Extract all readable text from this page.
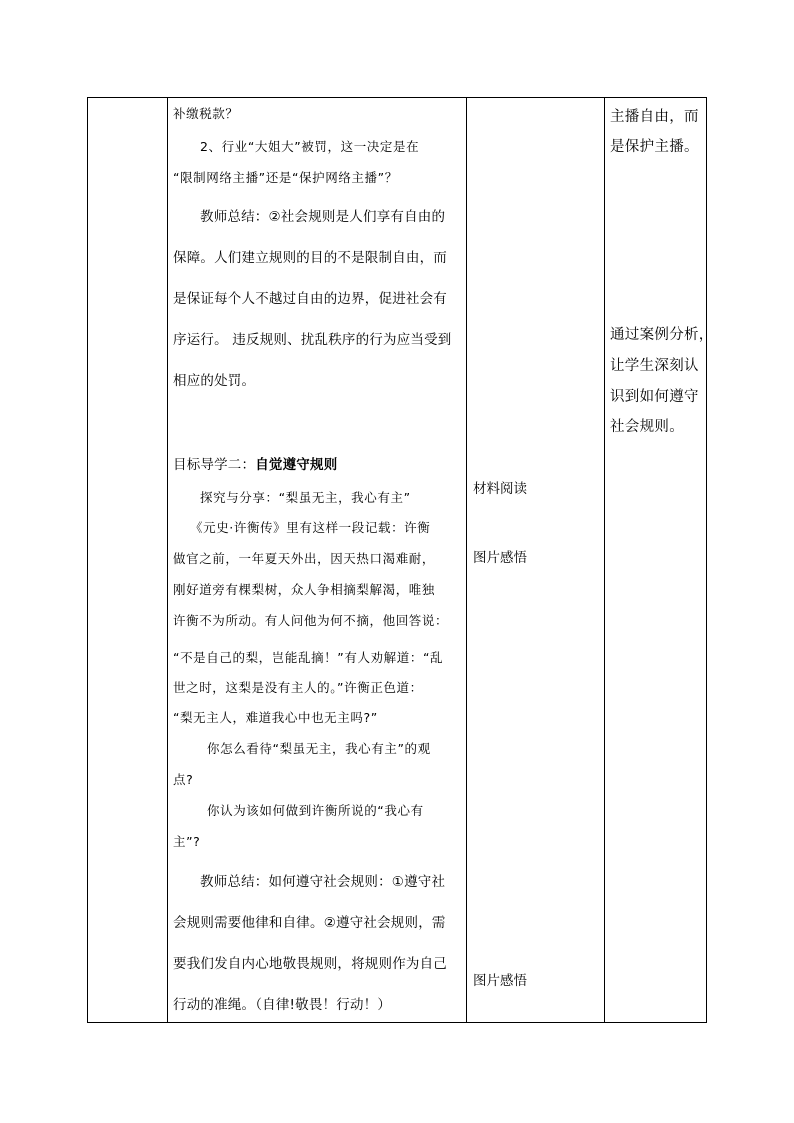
补缴税款？
2、行业“大姐大”被罚，这一决定是在
“限制网络主播”还是“保护网络主播”？
教师总结：②社会规则是人们享有自由的
保障。人们建立规则的目的不是限制自由，而
是保证每个人不越过自由的边界，促进社会有
序运行。 违反规则、扰乱秩序的行为应当受到
相应的处罚。
目标导学二：自觉遵守规则
探究与分享：“梨虽无主，我心有主”
《元史·许衡传》里有这样一段记载：许衡
做官之前，一年夏天外出，因天热口渴难耐，
刚好道旁有棵梨树，众人争相摘梨解渴，唯独
许衡不为所动。有人问他为何不摘，他回答说：
“不是自己的梨，岂能乱摘！”有人劝解道：“乱
世之时，这梨是没有主人的。”许衡正色道：
“梨无主人，难道我心中也无主吗?”
你怎么看待“梨虽无主，我心有主”的观
点?
你认为该如何做到许衡所说的“我心有
主”?
教师总结：如何遵守社会规则：①遵守社
会规则需要他律和自律。②遵守社会规则，需
要我们发自内心地敬畏规则，将规则作为自己
行动的准绳。（自律!敬畏！行动！）
材料阅读
图片感悟
图片感悟
主播自由，而
是保护主播。
通过案例分析，
让学生深刻认
识到如何遵守
社会规则。
